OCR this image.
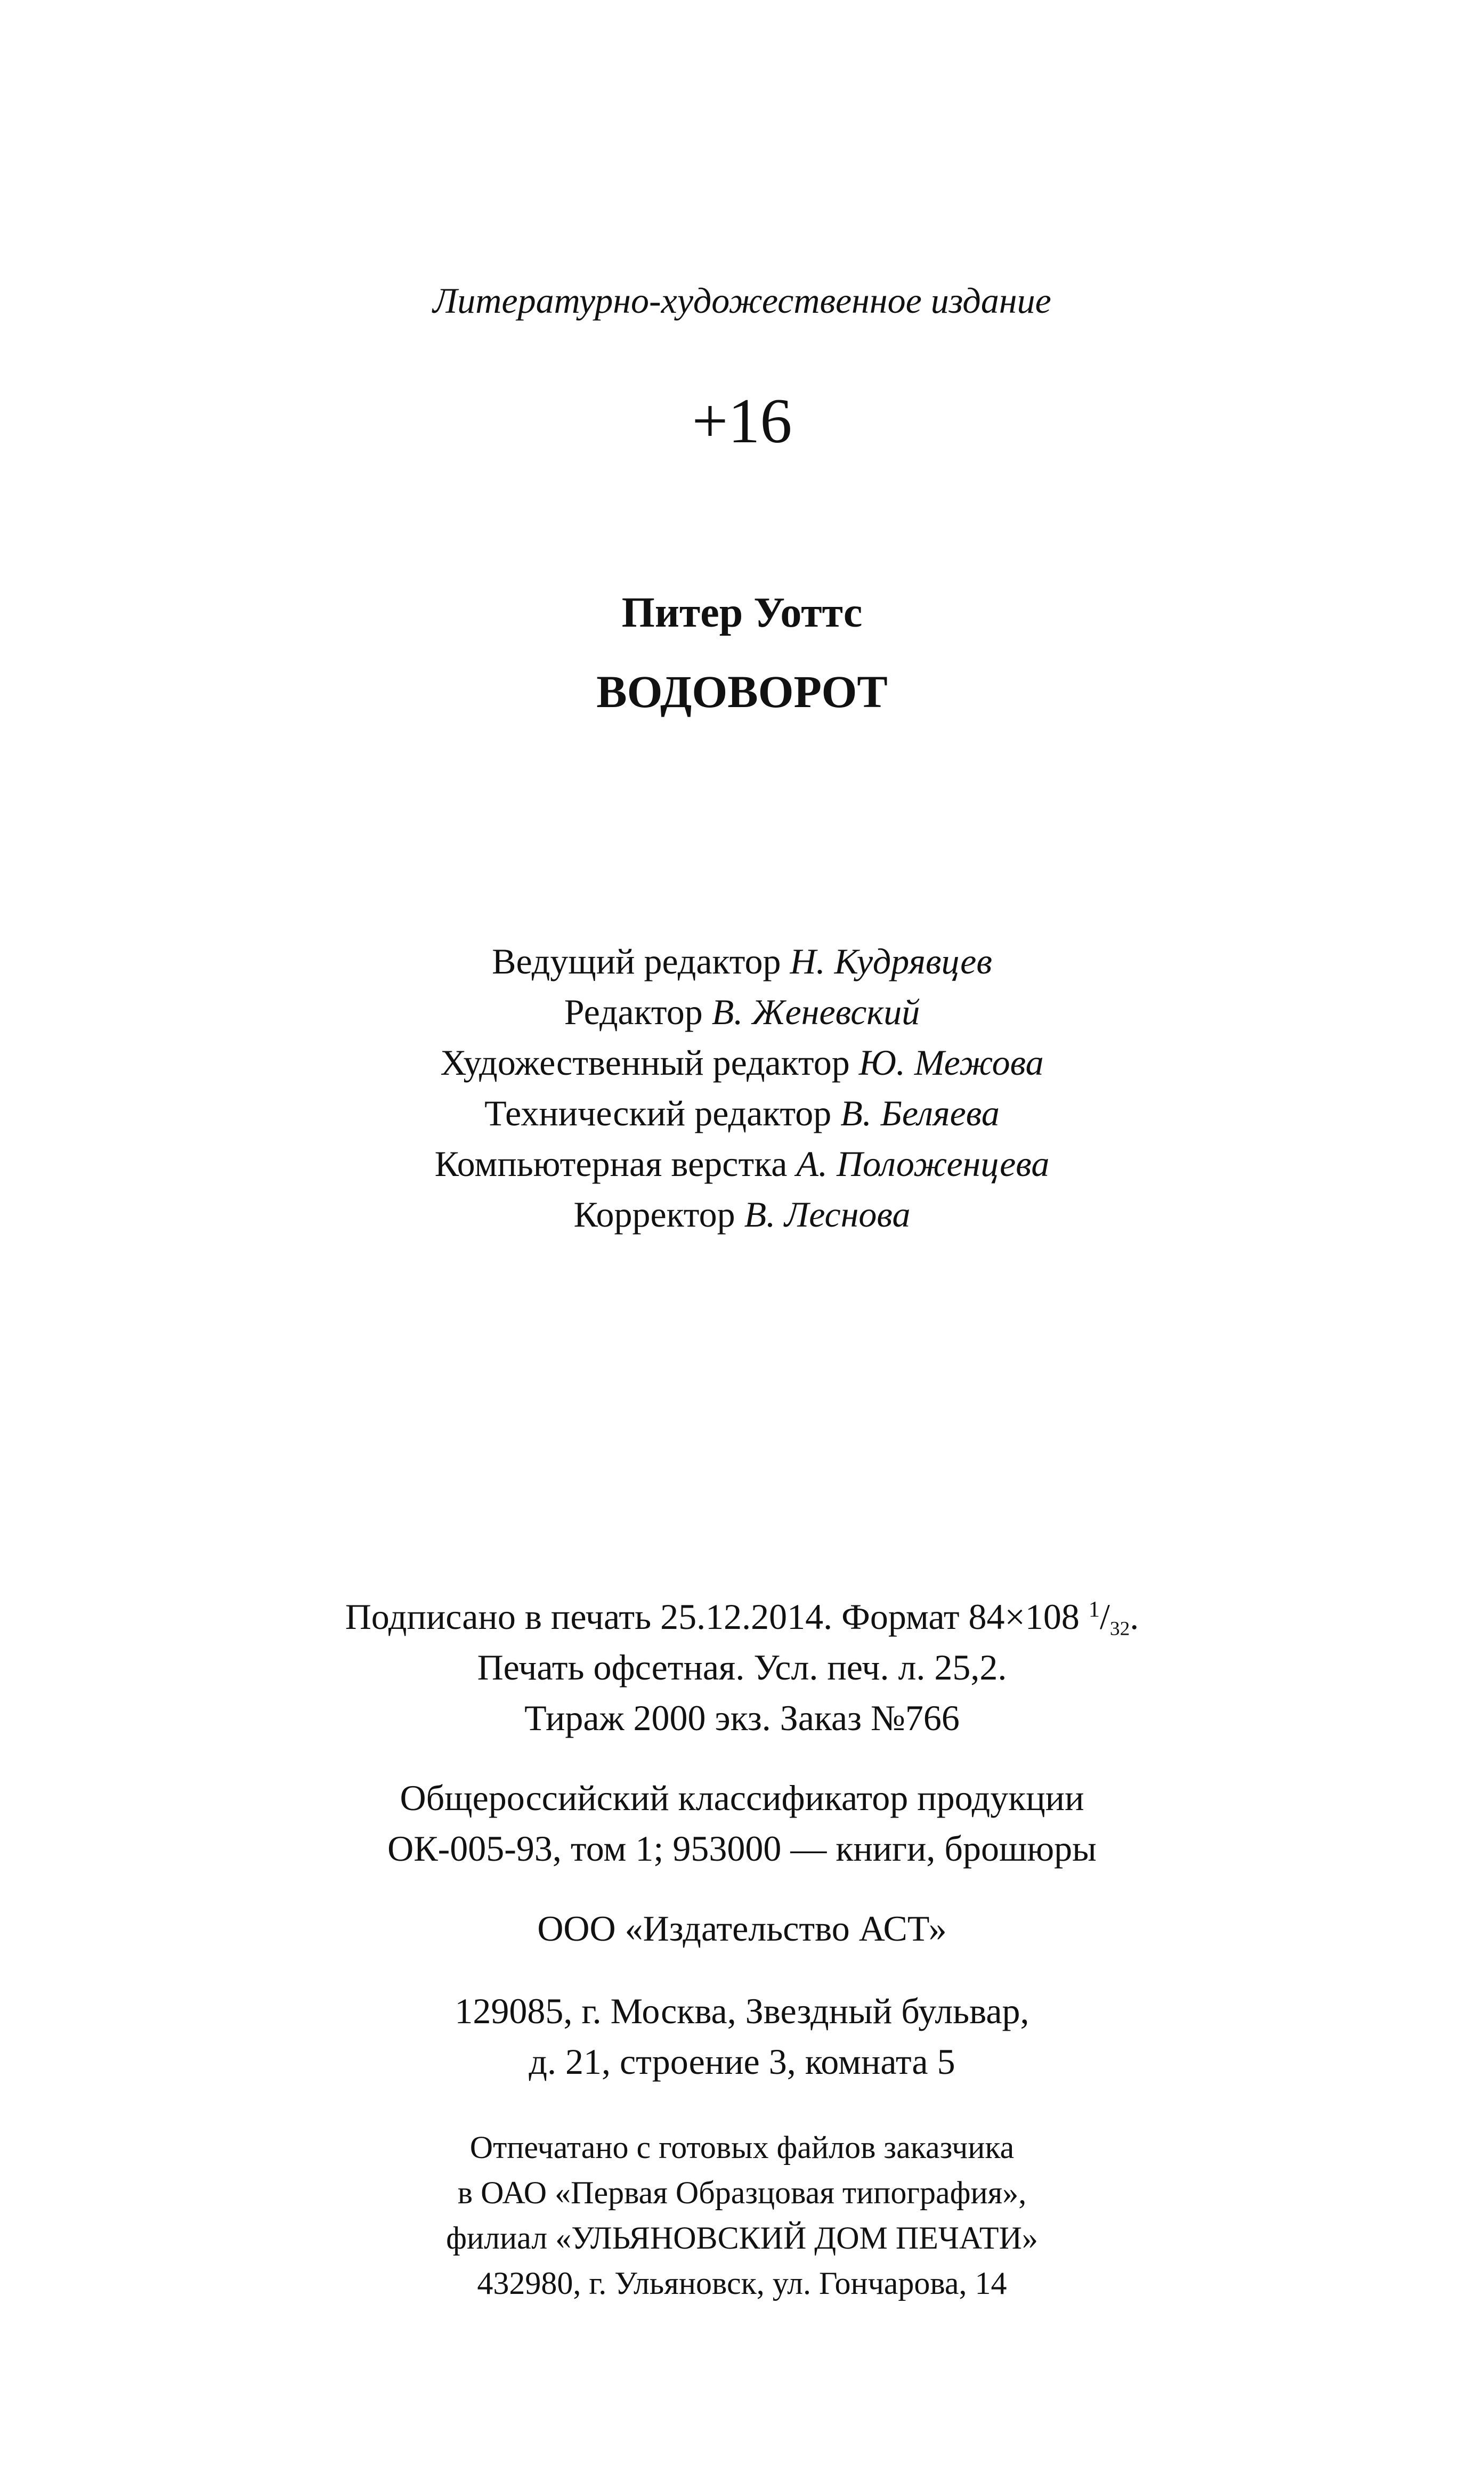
Литературно-художественное издание
+16
Питер Уоттс
ВОДОВОРОТ
Ведущий редактор Н. Кудрявцев
Редактор В. Женевский
Художественный редактор Ю. Межова
Технический редактор В. Беляева
Компьютерная верстка А. Положенцева
Корректор В. Леснова
Подписано в печать 25.12.2014. Формат 84×108 $^1$/32.
Печать офсетная. Усл. печ. л. 25,2.
Тираж 2000 экз. Заказ №766
Общероссийский классификатор продукции
ОК-005-93, том 1; 953000 — книги, брошюры
ООО «Издательство АСТ»
129085, г. Москва, Звездный бульвар,
д. 21, строение 3, комната 5
Отпечатано с готовых файлов заказчика
в ОАО «Первая Образцовая типография»,
филиал «УЛЬЯНОВСКИЙ ДОМ ПЕЧАТИ»
432980, г. Ульяновск, ул. Гончарова, 14
